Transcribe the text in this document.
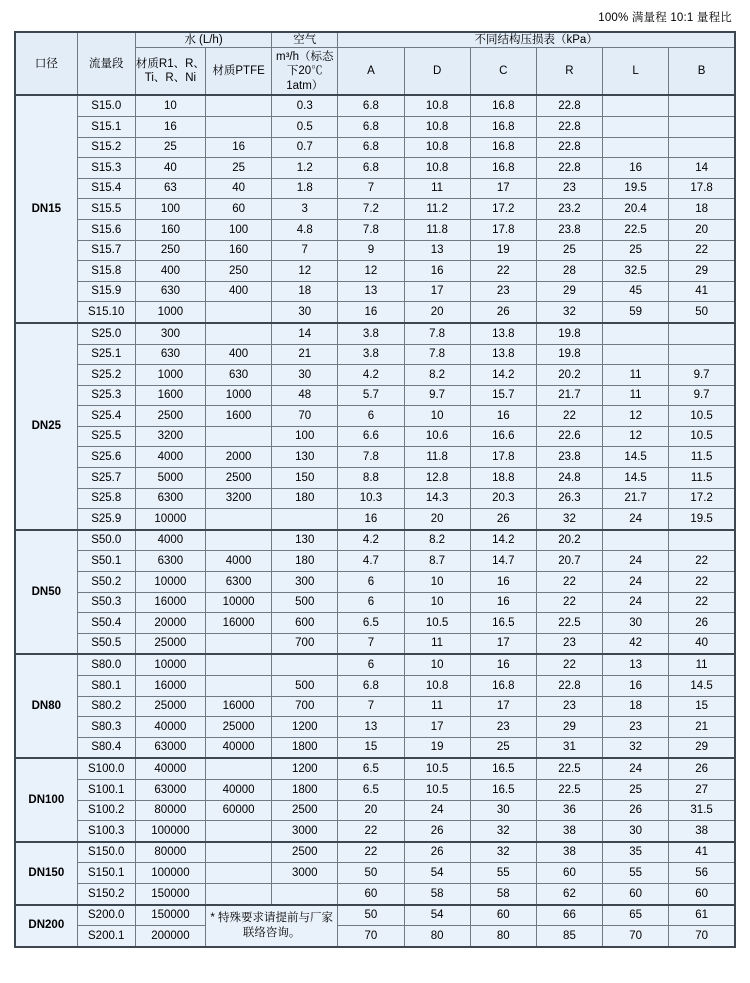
100% 满量程 10:1 量程比
口径	流量段	水 (L/h)		空气	不同结构压损表（kPa）					
		材质R1、R、Ti、R、Ni	材质PTFE	m³/h（标态下20℃ 1atm）	A	D	C	R	L	B
DN15	S15.0	10		0.3	6.8	10.8	16.8	22.8		
	S15.1	16		0.5	6.8	10.8	16.8	22.8		
	S15.2	25	16	0.7	6.8	10.8	16.8	22.8		
	S15.3	40	25	1.2	6.8	10.8	16.8	22.8	16	14
	S15.4	63	40	1.8	7	11	17	23	19.5	17.8
	S15.5	100	60	3	7.2	11.2	17.2	23.2	20.4	18
	S15.6	160	100	4.8	7.8	11.8	17.8	23.8	22.5	20
	S15.7	250	160	7	9	13	19	25	25	22
	S15.8	400	250	12	12	16	22	28	32.5	29
	S15.9	630	400	18	13	17	23	29	45	41
	S15.10	1000		30	16	20	26	32	59	50
DN25	S25.0	300		14	3.8	7.8	13.8	19.8		
	S25.1	630	400	21	3.8	7.8	13.8	19.8		
	S25.2	1000	630	30	4.2	8.2	14.2	20.2	11	9.7
	S25.3	1600	1000	48	5.7	9.7	15.7	21.7	11	9.7
	S25.4	2500	1600	70	6	10	16	22	12	10.5
	S25.5	3200		100	6.6	10.6	16.6	22.6	12	10.5
	S25.6	4000	2000	130	7.8	11.8	17.8	23.8	14.5	11.5
	S25.7	5000	2500	150	8.8	12.8	18.8	24.8	14.5	11.5
	S25.8	6300	3200	180	10.3	14.3	20.3	26.3	21.7	17.2
	S25.9	10000			16	20	26	32	24	19.5
DN50	S50.0	4000		130	4.2	8.2	14.2	20.2		
	S50.1	6300	4000	180	4.7	8.7	14.7	20.7	24	22
	S50.2	10000	6300	300	6	10	16	22	24	22
	S50.3	16000	10000	500	6	10	16	22	24	22
	S50.4	20000	16000	600	6.5	10.5	16.5	22.5	30	26
	S50.5	25000		700	7	11	17	23	42	40
DN80	S80.0	10000			6	10	16	22	13	11
	S80.1	16000		500	6.8	10.8	16.8	22.8	16	14.5
	S80.2	25000	16000	700	7	11	17	23	18	15
	S80.3	40000	25000	1200	13	17	23	29	23	21
	S80.4	63000	40000	1800	15	19	25	31	32	29
DN100	S100.0	40000		1200	6.5	10.5	16.5	22.5	24	26
	S100.1	63000	40000	1800	6.5	10.5	16.5	22.5	25	27
	S100.2	80000	60000	2500	20	24	30	36	26	31.5
	S100.3	100000		3000	22	26	32	38	30	38
DN150	S150.0	80000		2500	22	26	32	38	35	41
	S150.1	100000		3000	50	54	55	60	55	56
	S150.2	150000			60	58	58	62	60	60
DN200	S200.0	150000	* 特殊要求请提前与厂家联络咨询。		50	54	60	66	65	61
	S200.1	200000			70	80	80	85	70	70
